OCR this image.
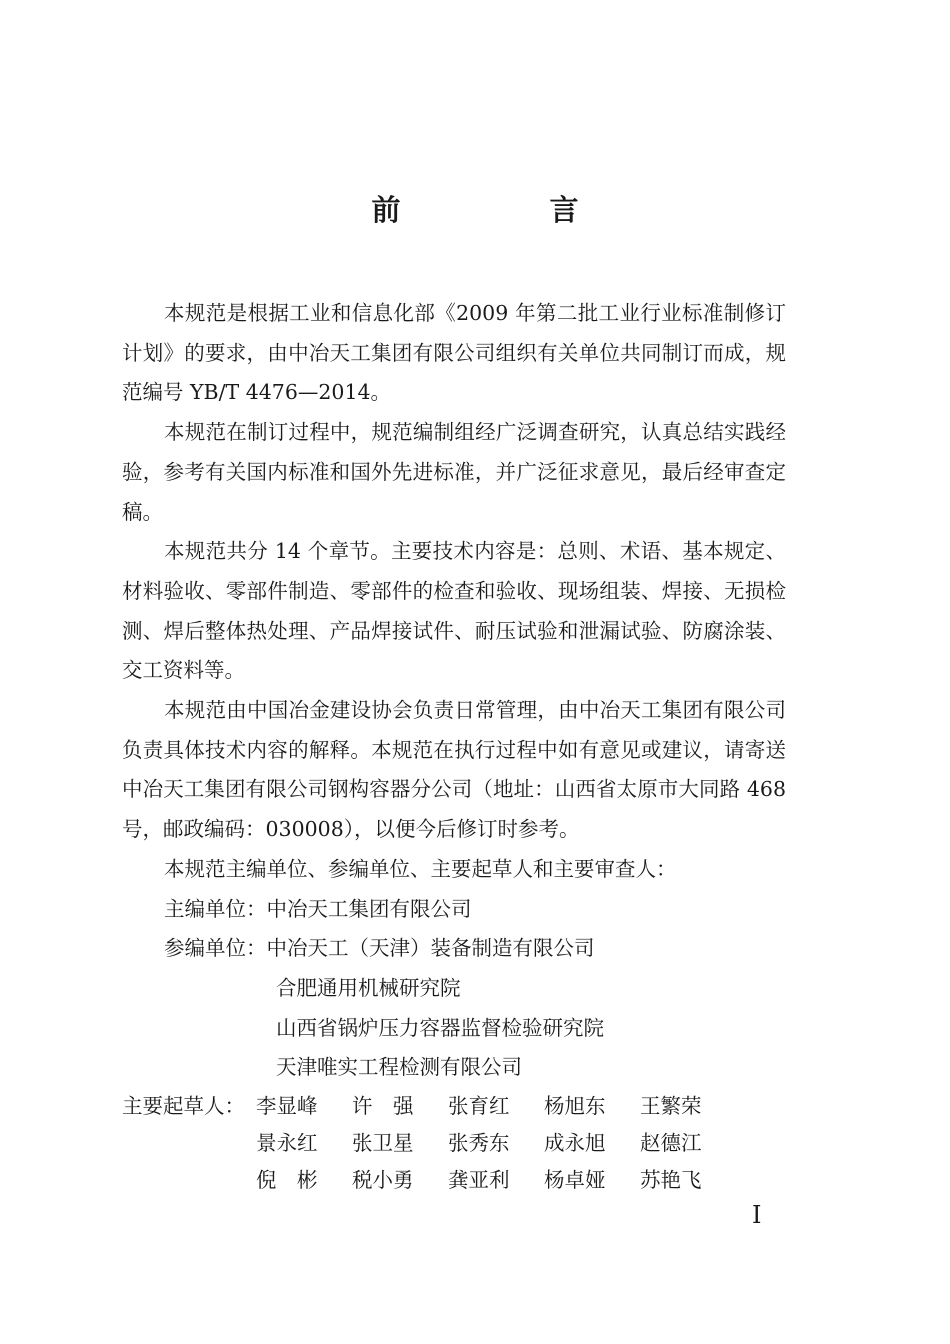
前　言

本规范是根据工业和信息化部《2009 年第二批工业行业标准制修订计划》的要求，由中冶天工集团有限公司组织有关单位共同制订而成，规范编号 YB/T 4476—2014。

本规范在制订过程中，规范编制组经广泛调查研究，认真总结实践经验，参考有关国内标准和国外先进标准，并广泛征求意见，最后经审查定稿。

本规范共分 14 个章节。主要技术内容是：总则、术语、基本规定、材料验收、零部件制造、零部件的检查和验收、现场组装、焊接、无损检测、焊后整体热处理、产品焊接试件、耐压试验和泄漏试验、防腐涂装、交工资料等。

本规范由中国冶金建设协会负责日常管理，由中冶天工集团有限公司负责具体技术内容的解释。本规范在执行过程中如有意见或建议，请寄送中冶天工集团有限公司钢构容器分公司（地址：山西省太原市大同路 468 号，邮政编码：030008），以便今后修订时参考。

本规范主编单位、参编单位、主要起草人和主要审查人：
主编单位：中冶天工集团有限公司
参编单位：中冶天工（天津）装备制造有限公司
合肥通用机械研究院
山西省锅炉压力容器监督检验研究院
天津唯实工程检测有限公司
主要起草人： 李显峰	许　强	张育红	杨旭东	王繁荣
景永红	张卫星	张秀东	成永旭	赵德江
倪　彬	税小勇	龚亚利	杨卓娅	苏艳飞
I
